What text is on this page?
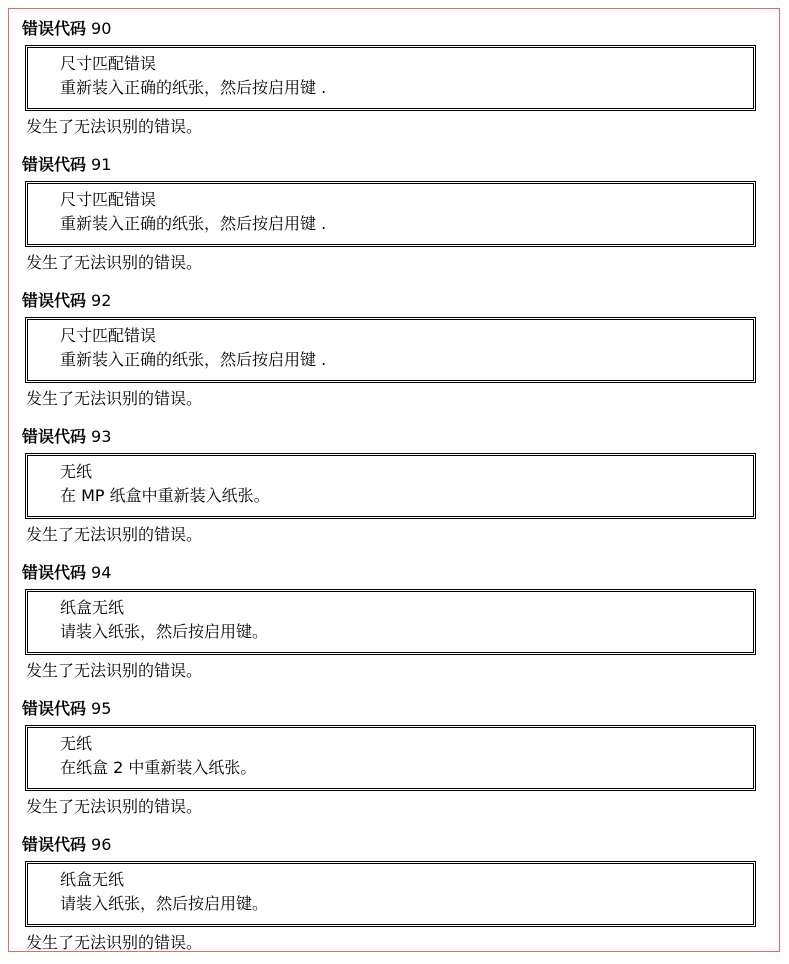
错误代码 90
尺寸匹配错误
重新装入正确的纸张，然后按启用键 .
发生了无法识别的错误。
错误代码 91
尺寸匹配错误
重新装入正确的纸张，然后按启用键 .
发生了无法识别的错误。
错误代码 92
尺寸匹配错误
重新装入正确的纸张，然后按启用键 .
发生了无法识别的错误。
错误代码 93
无纸
在 MP 纸盒中重新装入纸张。
发生了无法识别的错误。
错误代码 94
纸盒无纸
请装入纸张，然后按启用键。
发生了无法识别的错误。
错误代码 95
无纸
在纸盒 2 中重新装入纸张。
发生了无法识别的错误。
错误代码 96
纸盒无纸
请装入纸张，然后按启用键。
发生了无法识别的错误。
